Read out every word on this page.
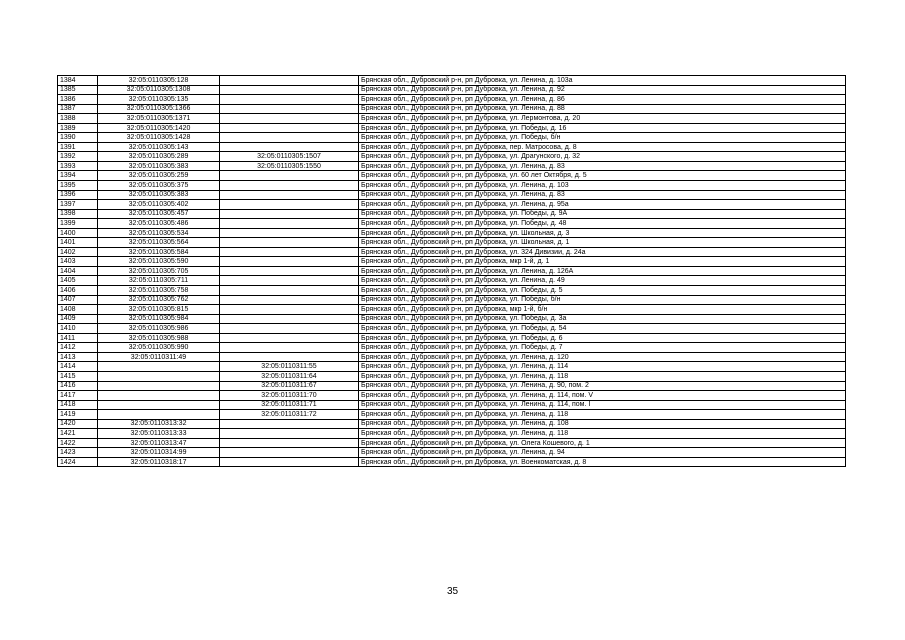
1384	32:05:0110305:128		Брянская обл., Дубровский р-н, рп Дубровка, ул. Ленина, д. 103а
1385	32:05:0110305:1308		Брянская обл., Дубровский р-н, рп Дубровка, ул. Ленина, д. 92
1386	32:05:0110305:135		Брянская обл., Дубровский р-н, рп Дубровка, ул. Ленина, д. 86
1387	32:05:0110305:1366		Брянская обл., Дубровский р-н, рп Дубровка, ул. Ленина, д. 88
1388	32:05:0110305:1371		Брянская обл., Дубровский р-н, рп Дубровка, ул. Лермонтова, д. 20
1389	32:05:0110305:1420		Брянская обл., Дубровский р-н, рп Дубровка, ул. Победы, д. 16
1390	32:05:0110305:1428		Брянская обл., Дубровский р-н, рп Дубровка, ул. Победы, б/н
1391	32:05:0110305:143		Брянская обл., Дубровский р-н, рп Дубровка, пер. Матросова, д. 8
1392	32:05:0110305:289	32:05:0110305:1507	Брянская обл., Дубровский р-н, рп Дубровка, ул. Драгунского, д. 32
1393	32:05:0110305:383	32:05:0110305:1550	Брянская обл., Дубровский р-н, рп Дубровка, ул. Ленина, д. 83
1394	32:05:0110305:259		Брянская обл., Дубровский р-н, рп Дубровка, ул. 60 лет Октября, д. 5
1395	32:05:0110305:375		Брянская обл., Дубровский р-н, рп Дубровка, ул. Ленина, д. 103
1396	32:05:0110305:383		Брянская обл., Дубровский р-н, рп Дубровка, ул. Ленина, д. 83
1397	32:05:0110305:402		Брянская обл., Дубровский р-н, рп Дубровка, ул. Ленина, д. 95а
1398	32:05:0110305:457		Брянская обл., Дубровский р-н, рп Дубровка, ул. Победы, д. 9А
1399	32:05:0110305:486		Брянская обл., Дубровский р-н, рп Дубровка, ул. Победы, д. 48
1400	32:05:0110305:534		Брянская обл., Дубровский р-н, рп Дубровка, ул. Школьная, д. 3
1401	32:05:0110305:564		Брянская обл., Дубровский р-н, рп Дубровка, ул. Школьная, д. 1
1402	32:05:0110305:584		Брянская обл., Дубровский р-н, рп Дубровка, ул. 324 Дивизии, д. 24а
1403	32:05:0110305:590		Брянская обл., Дубровский р-н, рп Дубровка, мкр 1-й, д. 1
1404	32:05:0110305:705		Брянская обл., Дубровский р-н, рп Дубровка, ул. Ленина, д. 126А
1405	32:05:0110305:711		Брянская обл., Дубровский р-н, рп Дубровка, ул. Ленина, д. 49
1406	32:05:0110305:758		Брянская обл., Дубровский р-н, рп Дубровка, ул. Победы, д. 5
1407	32:05:0110305:762		Брянская обл., Дубровский р-н, рп Дубровка, ул. Победы, б/н
1408	32:05:0110305:815		Брянская обл., Дубровский р-н, рп Дубровка, мкр 1-й, б/н
1409	32:05:0110305:984		Брянская обл., Дубровский р-н, рп Дубровка, ул. Победы, д. 3а
1410	32:05:0110305:986		Брянская обл., Дубровский р-н, рп Дубровка, ул. Победы, д. 54
1411	32:05:0110305:988		Брянская обл., Дубровский р-н, рп Дубровка, ул. Победы, д. 6
1412	32:05:0110305:990		Брянская обл., Дубровский р-н, рп Дубровка, ул. Победы, д. 7
1413	32:05:0110311:49		Брянская обл., Дубровский р-н, рп Дубровка, ул. Ленина, д. 120
1414		32:05:0110311:55	Брянская обл., Дубровский р-н, рп Дубровка, ул. Ленина, д. 114
1415		32:05:0110311:64	Брянская обл., Дубровский р-н, рп Дубровка, ул. Ленина, д. 118
1416		32:05:0110311:67	Брянская обл., Дубровский р-н, рп Дубровка, ул. Ленина, д. 90, пом. 2
1417		32:05:0110311:70	Брянская обл., Дубровский р-н, рп Дубровка, ул. Ленина, д. 114, пом. V
1418		32:05:0110311:71	Брянская обл., Дубровский р-н, рп Дубровка, ул. Ленина, д. 114, пом. I
1419		32:05:0110311:72	Брянская обл., Дубровский р-н, рп Дубровка, ул. Ленина, д. 118
1420	32:05:0110313:32		Брянская обл., Дубровский р-н, рп Дубровка, ул. Ленина, д. 108
1421	32:05:0110313:33		Брянская обл., Дубровский р-н, рп Дубровка, ул. Ленина, д. 118
1422	32:05:0110313:47		Брянская обл., Дубровский р-н, рп Дубровка, ул. Олега Кошевого, д. 1
1423	32:05:0110314:99		Брянская обл., Дубровский р-н, рп Дубровка, ул. Ленина, д. 94
1424	32:05:0110318:17		Брянская обл., Дубровский р-н, рп Дубровка, ул. Военкоматская, д. 8
35
